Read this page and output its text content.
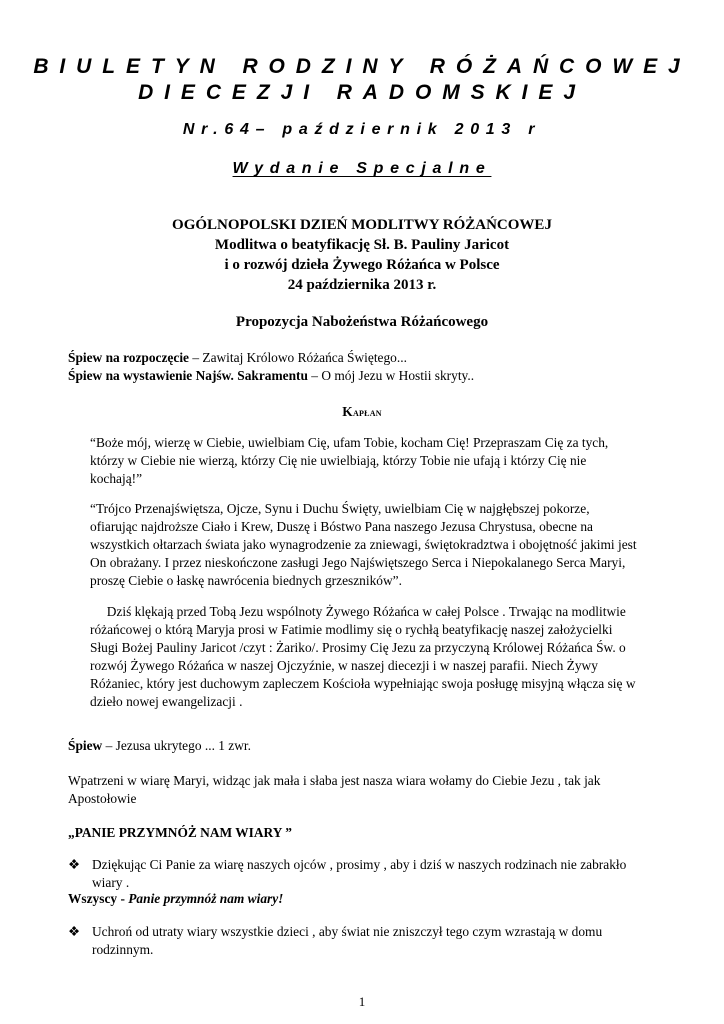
BIULETYN RODZINY RÓŻAŃCOWEJ
DIECEZJI RADOMSKIEJ
Nr.64– październik 2013 r
Wydanie Specjalne
OGÓLNOPOLSKI DZIEŃ MODLITWY RÓŻAŃCOWEJ
Modlitwa o beatyfikację Sł. B. Pauliny Jaricot
i o rozwój dzieła Żywego Różańca w Polsce
24 października 2013 r.
Propozycja Nabożeństwa Różańcowego
Śpiew na rozpoczęcie – Zawitaj Królowo Różańca Świętego...
Śpiew na wystawienie Najśw. Sakramentu – O mój Jezu w Hostii skryty..
Kapłan
“Boże mój, wierzę w Ciebie, uwielbiam Cię, ufam Tobie, kocham Cię! Przepraszam Cię za tych,
którzy w Ciebie nie wierzą, którzy Cię nie uwielbiają, którzy Tobie nie ufają i którzy Cię nie
kochają!”
“Trójco Przenajświętsza, Ojcze, Synu i Duchu Święty, uwielbiam Cię w najgłębszej pokorze,
ofiarując najdroższe Ciało i Krew, Duszę i Bóstwo Pana naszego Jezusa Chrystusa, obecne na
wszystkich ołtarzach świata jako wynagrodzenie za zniewagi, świętokradztwa i obojętność jakimi jest
On obrażany. I przez nieskończone zasługi Jego Najświętszego Serca i Niepokalanego Serca Maryi,
proszę Ciebie o łaskę nawrócenia biednych grzeszników”.
Dziś klękają przed Tobą Jezu wspólnoty Żywego Różańca w całej Polsce . Trwając na modlitwie
różańcowej o którą Maryja prosi w Fatimie modlimy się o rychłą beatyfikację naszej założycielki
Sługi Bożej Pauliny Jaricot /czyt : Żariko/. Prosimy Cię Jezu za przyczyną Królowej Różańca Św. o
rozwój Żywego Różańca w naszej Ojczyźnie, w naszej diecezji i w naszej parafii. Niech Żywy
Różaniec, który jest duchowym zapleczem Kościoła wypełniając swoja posługę misyjną włącza się w
dzieło nowej ewangelizacji .
Śpiew – Jezusa ukrytego ... 1 zwr.
Wpatrzeni w wiarę Maryi, widząc jak mała i słaba jest nasza wiara wołamy do Ciebie Jezu , tak jak
Apostołowie
„PANIE PRZYMNÓŻ NAM WIARY ”
❖ Dziękując Ci Panie za wiarę naszych ojców , prosimy , aby i dziś w naszych rodzinach nie zabrakło
wiary .
Wszyscy - Panie przymnóż nam wiary!
❖ Uchroń od utraty wiary wszystkie dzieci , aby świat nie zniszczył tego czym wzrastają w domu
rodzinnym.
1
